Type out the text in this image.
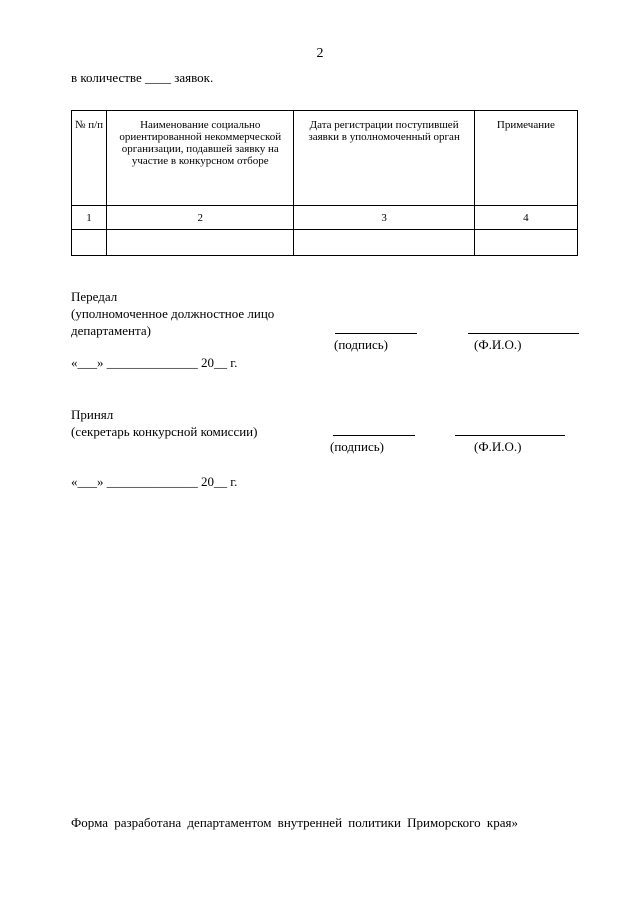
2
в количестве ____ заявок.
№ п/п	Наименование социально ориентированной некоммерческой организации, подавшей заявку на участие в конкурсном отборе	Дата регистрации поступившей заявки в уполномоченный орган	Примечание
1	2	3	4

Передал
(уполномоченное должностное лицо
департамента)
(подпись)	(Ф.И.О.)
«___» ______________ 20__ г.
Принял
(секретарь конкурсной комиссии)
(подпись)	(Ф.И.О.)
«___» ______________ 20__ г.
Форма разработана департаментом внутренней политики Приморского края»
